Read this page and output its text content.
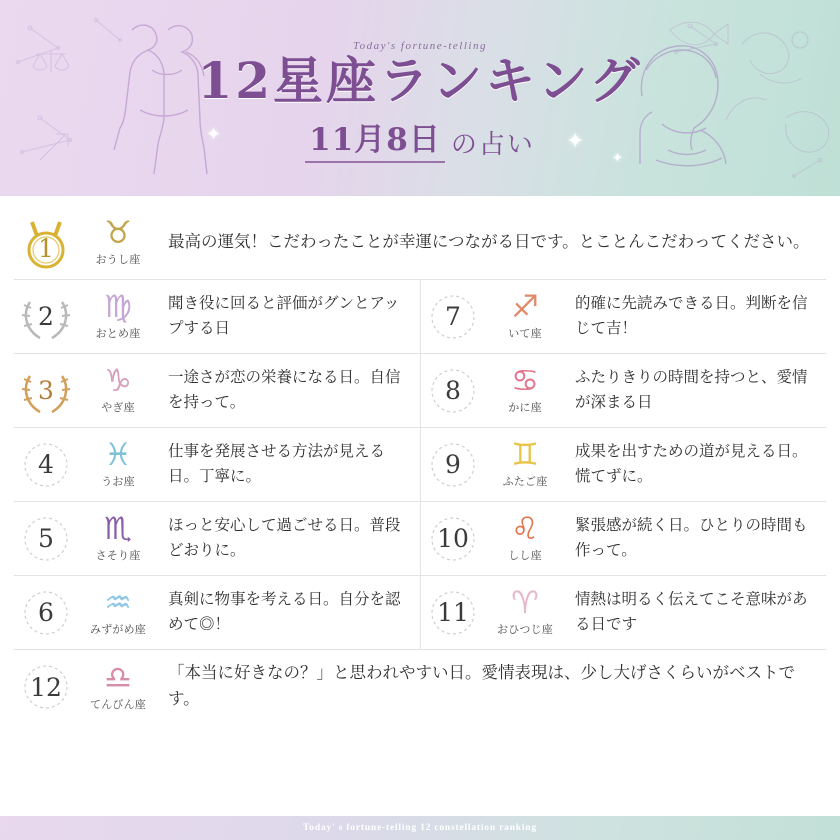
Today's fortune-telling
12星座ランキング
11月8日 の占い
✦	✦
✦
1 ♉
おうし座
最高の運気！こだわったことが幸運につながる日です。とことんこだわってください。
2 ♍
おとめ座
聞き役に回ると評価がグンとアップする日	7 ♐
いて座
的確に先読みできる日。判断を信じて吉！
3 ♑
やぎ座
一途さが恋の栄養になる日。自信を持って。	8 ♋
かに座
ふたりきりの時間を持つと、愛情が深まる日
4 ♓
うお座
仕事を発展させる方法が見える日。丁寧に。	9 ♊
ふたご座
成果を出すための道が見える日。慌てずに。
5 ♏
さそり座
ほっと安心して過ごせる日。普段どおりに。	10 ♌
しし座
緊張感が続く日。ひとりの時間も作って。
6 ♒
みずがめ座
真剣に物事を考える日。自分を認めて◎！	11 ♈
おひつじ座
情熱は明るく伝えてこそ意味がある日です
12 ♎
てんびん座
「本当に好きなの？」と思われやすい日。愛情表現は、少し大げさくらいがベストです。
Today' s fortune-telling 12 constellation ranking
